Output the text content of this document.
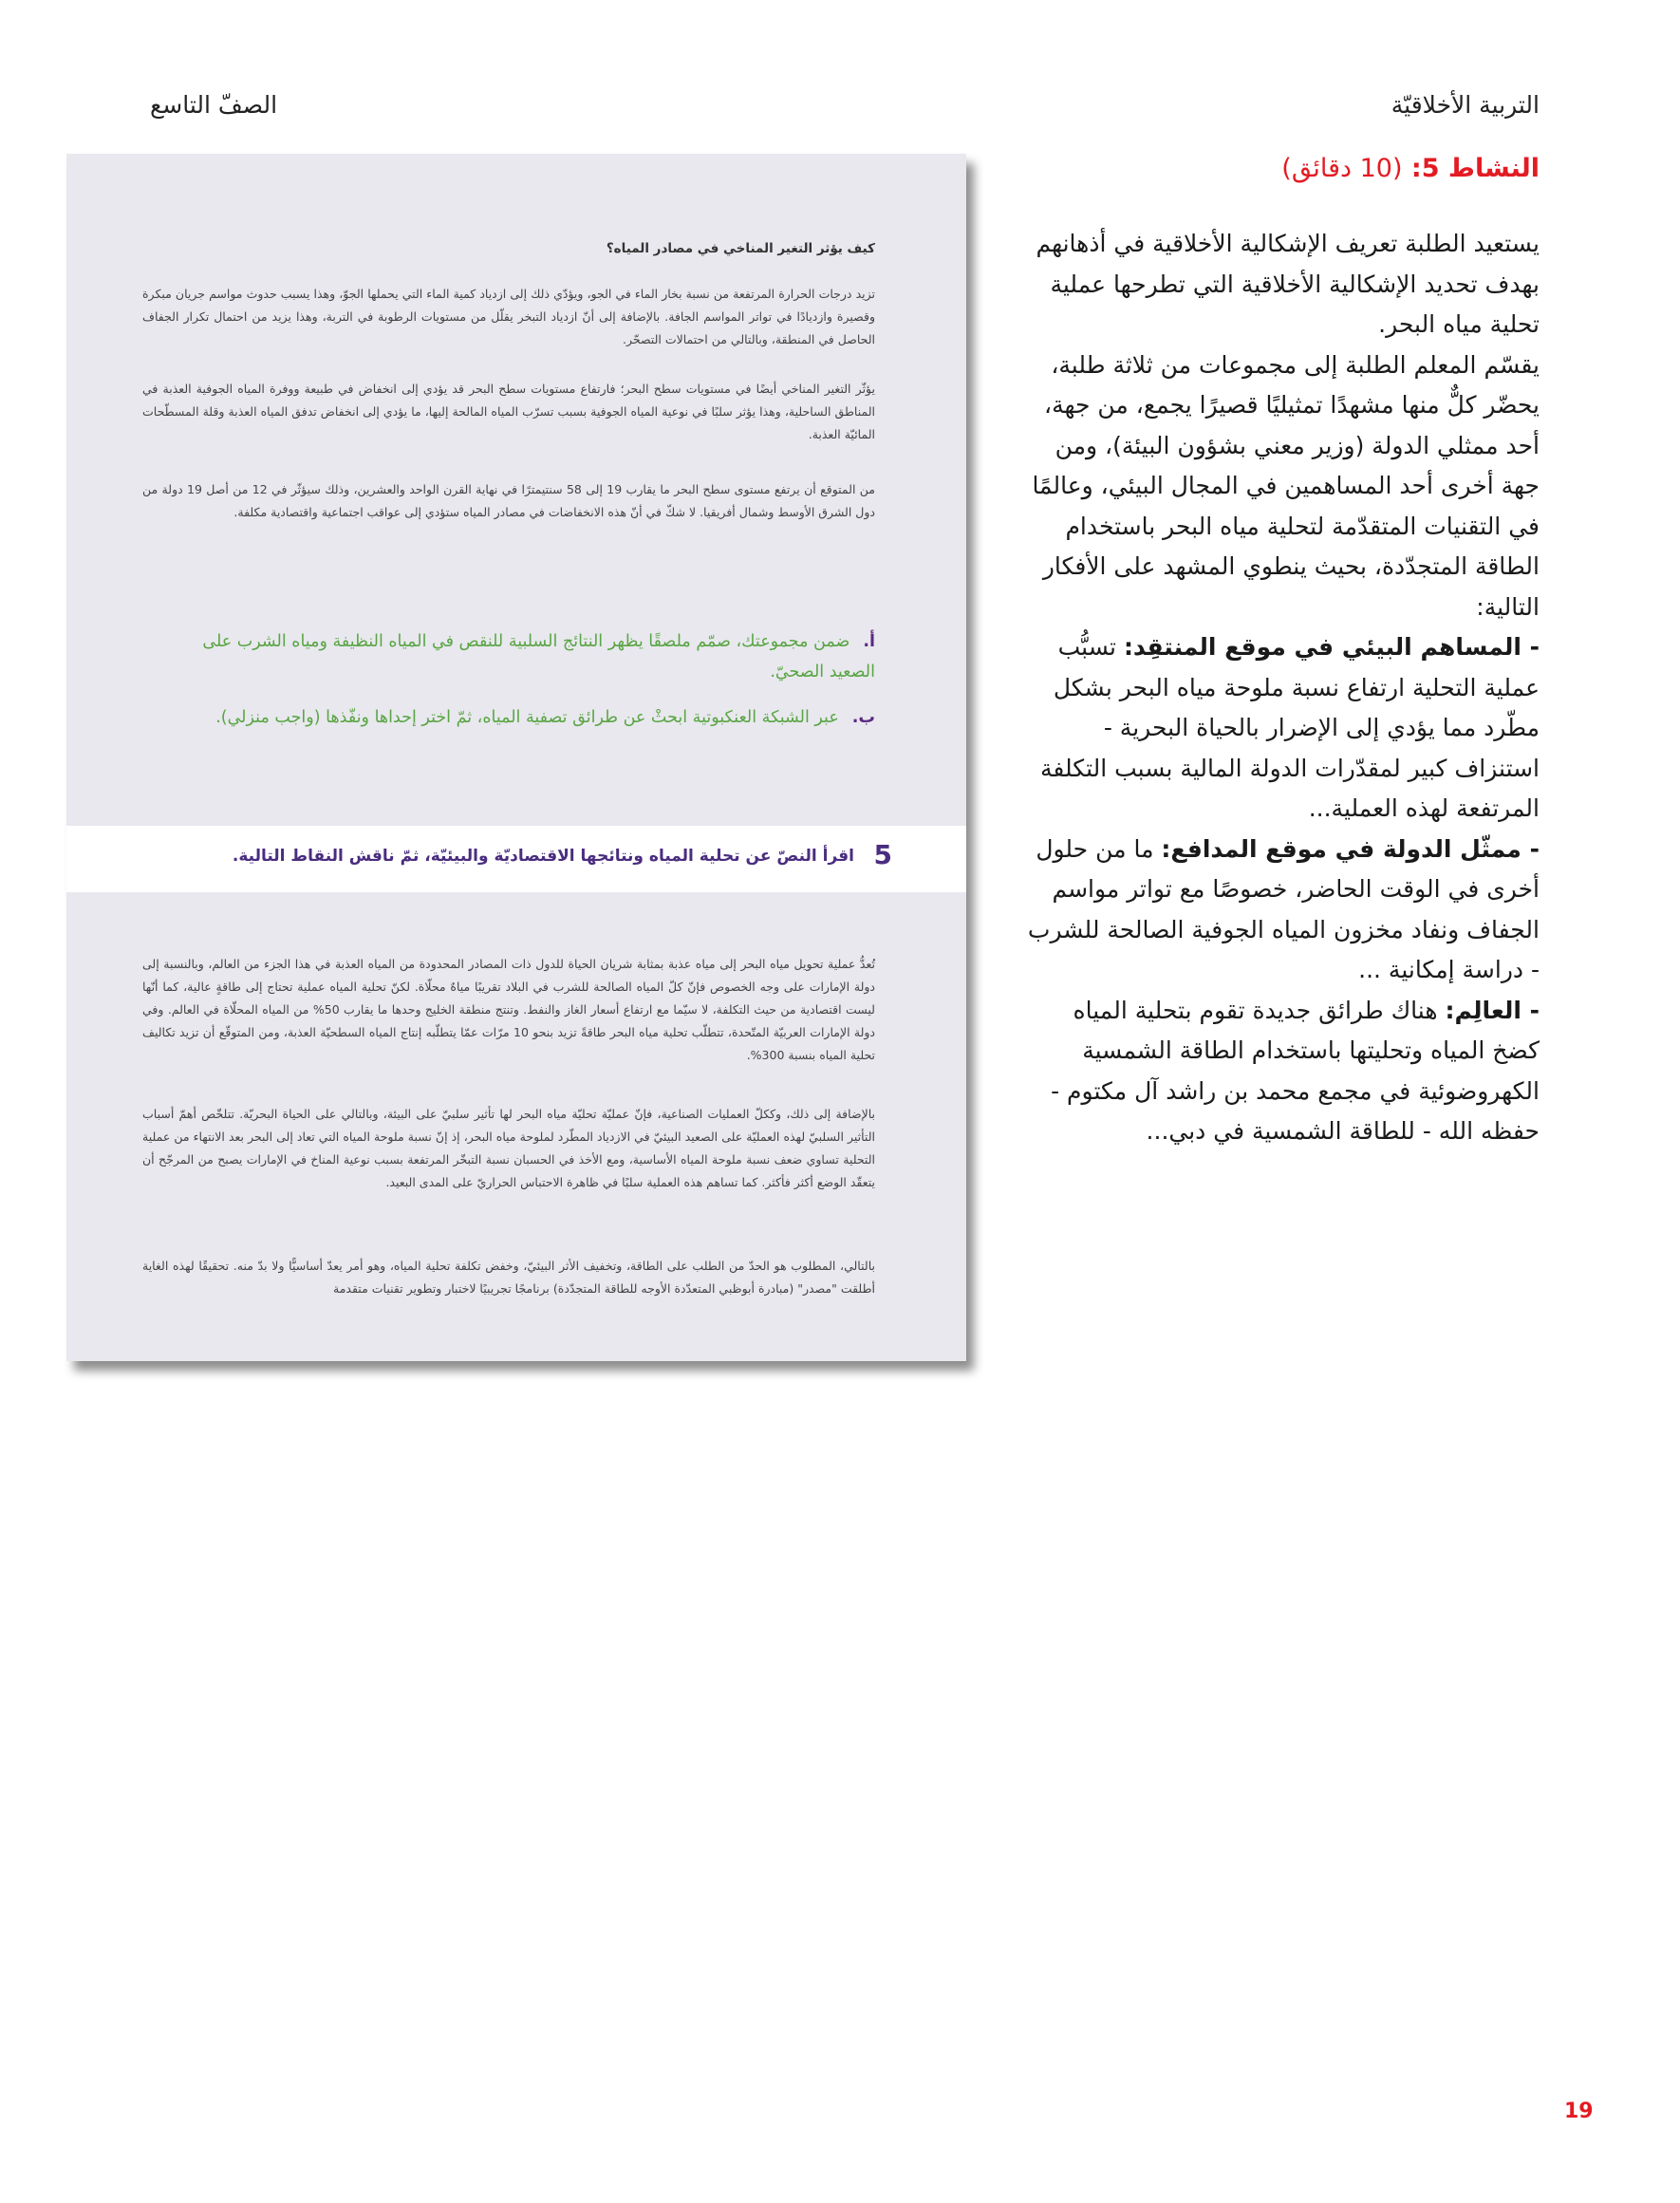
التربية الأخلاقيّة
الصفّ التاسع
النشاط 5: (10 دقائق)

يستعيد الطلبة تعريف الإشكالية الأخلاقية في أذهانهم بهدف تحديد الإشكالية الأخلاقية التي تطرحها عملية تحلية مياه البحر.

يقسّم المعلم الطلبة إلى مجموعات من ثلاثة طلبة، يحضّر كلٌّ منها مشهدًا تمثيليًا قصيرًا يجمع، من جهة، أحد ممثلي الدولة (وزير معني بشؤون البيئة)، ومن جهة أخرى أحد المساهمين في المجال البيئي، وعالمًا في التقنيات المتقدّمة لتحلية مياه البحر باستخدام الطاقة المتجدّدة، بحيث ينطوي المشهد على الأفكار التالية:

- المساهم البيئي في موقع المنتقِد: تسبُّب عملية التحلية ارتفاع نسبة ملوحة مياه البحر بشكل مطّرد مما يؤدي إلى الإضرار بالحياة البحرية - استنزاف كبير لمقدّرات الدولة المالية بسبب التكلفة المرتفعة لهذه العملية...

- ممثّل الدولة في موقع المدافع: ما من حلول أخرى في الوقت الحاضر، خصوصًا مع تواتر مواسم الجفاف ونفاد مخزون المياه الجوفية الصالحة للشرب - دراسة إمكانية ...

- العالِم: هناك طرائق جديدة تقوم بتحلية المياه كضخ المياه وتحليتها باستخدام الطاقة الشمسية الكهروضوئية في مجمع محمد بن راشد آل مكتوم - حفظه الله - للطاقة الشمسية في دبي...

كيف يؤثر التغير المناخي في مصادر المياه؟
تزيد درجات الحرارة المرتفعة من نسبة بخار الماء في الجو، ويؤدّي ذلك إلى ازدياد كمية الماء التي يحملها الجوّ، وهذا يسبب حدوث مواسم جريان مبكرة وقصيرة وازديادًا في تواتر المواسم الجافة. بالإضافة إلى أنّ ازدياد التبخر يقلّل من مستويات الرطوبة في التربة، وهذا يزيد من احتمال تكرار الجفاف الحاصل في المنطقة، وبالتالي من احتمالات التصحّر.
يؤثّر التغير المناخي أيضًا في مستويات سطح البحر؛ فارتفاع مستويات سطح البحر قد يؤدي إلى انخفاض في طبيعة ووفرة المياه الجوفية العذبة في المناطق الساحلية، وهذا يؤثر سلبًا في نوعية المياه الجوفية بسبب تسرّب المياه المالحة إليها، ما يؤدي إلى انخفاض تدفق المياه العذبة وقلة المسطّحات المائيّة العذبة.
من المتوقع أن يرتفع مستوى سطح البحر ما يقارب 19 إلى 58 سنتيمترًا في نهاية القرن الواحد والعشرين، وذلك سيؤثّر في 12 من أصل 19 دولة من دول الشرق الأوسط وشمال أفريقيا. لا شكّ في أنّ هذه الانخفاضات في مصادر المياه ستؤدي إلى عواقب اجتماعية واقتصادية مكلفة.
أ.ضمن مجموعتك، صمّم ملصقًا يظهر النتائج السلبية للنقص في المياه النظيفة ومياه الشرب على الصعيد الصحيّ.
ب.عبر الشبكة العنكبوتية ابحثْ عن طرائق تصفية المياه، ثمّ اختر إحداها ونفّذها (واجب منزلي).
تُعدُّ عملية تحويل مياه البحر إلى مياه عذبة بمثابة شريان الحياة للدول ذات المصادر المحدودة من المياه العذبة في هذا الجزء من العالم، وبالنسبة إلى دولة الإمارات على وجه الخصوص فإنّ كلّ المياه الصالحة للشرب في البلاد تقريبًا مياهٌ محلّاة. لكنّ تحلية المياه عملية تحتاج إلى طاقةٍ عالية، كما أنّها ليست اقتصادية من حيث التكلفة، لا سيّما مع ارتفاع أسعار الغاز والنفط. وتنتج منطقة الخليج وحدها ما يقارب 50% من المياه المحلّاة في العالم. وفي دولة الإمارات العربيّة المتّحدة، تتطلّب تحلية مياه البحر طاقةً تزيد بنحو 10 مرّات عمّا يتطلّبه إنتاج المياه السطحيّة العذبة، ومن المتوقّع أن تزيد تكاليف تحلية المياه بنسبة 300%.
بالإضافة إلى ذلك، وككلّ العمليات الصناعية، فإنّ عمليّة تحليّة مياه البحر لها تأثير سلبيّ على البيئة، وبالتالي على الحياة البحريّة. تتلخّص أهمّ أسباب التأثير السلبيّ لهذه العمليّة على الصعيد البيئيّ في الازدياد المطّرد لملوحة مياه البحر، إذ إنّ نسبة ملوحة المياه التي تعاد إلى البحر بعد الانتهاء من عملية التحلية تساوي ضعف نسبة ملوحة المياه الأساسية، ومع الأخذ في الحسبان نسبة التبخّر المرتفعة بسبب نوعية المناخ في الإمارات يصبح من المرجّح أن يتعقّد الوضع أكثر فأكثر. كما تساهم هذه العملية سلبًا في ظاهرة الاحتباس الحراريّ على المدى البعيد.
بالتالي، المطلوب هو الحدّ من الطلب على الطاقة، وتخفيف الأثر البيئيّ، وخفض تكلفة تحلية المياه، وهو أمر يعدّ أساسيًّا ولا بدّ منه. تحقيقًا لهذه الغاية أطلقت "مصدر" (مبادرة أبوظبي المتعدّدة الأوجه للطاقة المتجدّدة) برنامجًا تجريبيًا لاختبار وتطوير تقنيات متقدمة
5
اقرأ النصّ عن تحلية المياه ونتائجها الاقتصاديّة والبيئيّة، ثمّ ناقش النقاط التالية.
19
